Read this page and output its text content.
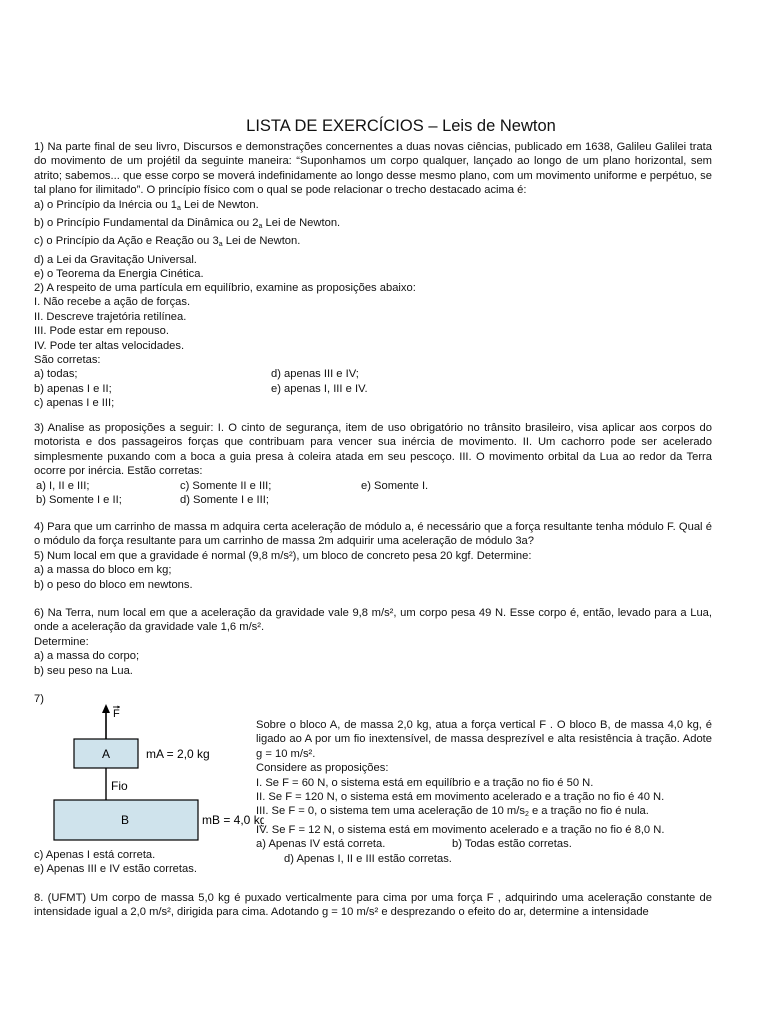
LISTA DE EXERCÍCIOS – Leis de Newton
1) Na parte final de seu livro, Discursos e demonstrações concernentes a duas novas ciências, publicado em 1638, Galileu Galilei trata do movimento de um projétil da seguinte maneira: “Suponhamos um corpo qualquer, lançado ao longo de um plano horizontal, sem atrito; sabemos... que esse corpo se moverá indefinidamente ao longo desse mesmo plano, com um movimento uniforme e perpétuo, se tal plano for ilimitado”. O princípio físico com o qual se pode relacionar o trecho destacado acima é:
a) o Princípio da Inércia ou $1_a$ Lei de Newton.
b) o Princípio Fundamental da Dinâmica ou $2_a$ Lei de Newton.
c) o Princípio da Ação e Reação ou $3_a$ Lei de Newton.
d) a Lei da Gravitação Universal.
e) o Teorema da Energia Cinética.
2) A respeito de uma partícula em equilíbrio, examine as proposições abaixo:
I. Não recebe a ação de forças.
II. Descreve trajetória retilínea.
III. Pode estar em repouso.
IV. Pode ter altas velocidades.
São corretas:
a) todas;	d) apenas III e IV;
b) apenas I e II;	e) apenas I, III e IV.
c) apenas I e III;
3) Analise as proposições a seguir: I. O cinto de segurança, item de uso obrigatório no trânsito brasileiro, visa aplicar aos corpos do motorista e dos passageiros forças que contribuam para vencer sua inércia de movimento. II. Um cachorro pode ser acelerado simplesmente puxando com a boca a guia presa à coleira atada em seu pescoço. III. O movimento orbital da Lua ao redor da Terra ocorre por inércia. Estão corretas:
a) I, II e III;	c) Somente II e III;	e) Somente I.
b) Somente I e II;	d) Somente I e III;
4) Para que um carrinho de massa m adquira certa aceleração de módulo a, é necessário que a força resultante tenha módulo F. Qual é o módulo da força resultante para um carrinho de massa 2m adquirir uma aceleração de módulo 3a?
5) Num local em que a gravidade é normal (9,8 m/s²), um bloco de concreto pesa 20 kgf. Determine:
a) a massa do bloco em kg;
b) o peso do bloco em newtons.
6) Na Terra, num local em que a aceleração da gravidade vale 9,8 m/s², um corpo pesa 49 N. Esse corpo é, então, levado para a Lua, onde a aceleração da gravidade vale 1,6 m/s².
Determine:
a) a massa do corpo;
b) seu peso na Lua.
7)
F
A	mA = 2,0 kg
Fio
B	mB = 4,0 kg
Sobre o bloco A, de massa 2,0 kg, atua a força vertical F . O bloco B, de massa 4,0 kg, é ligado ao A por um fio inextensível, de massa desprezível e alta resistência à tração. Adote g = 10 m/s².
Considere as proposições:
I. Se F = 60 N, o sistema está em equilíbrio e a tração no fio é 50 N.
II. Se F = 120 N, o sistema está em movimento acelerado e a tração no fio é 40 N.
III. Se F = 0, o sistema tem uma aceleração de 10 $m/s_2$ e a tração no fio é nula.
IV. Se F = 12 N, o sistema está em movimento acelerado e a tração no fio é 8,0 N.
a) Apenas IV está correta.	b) Todas estão corretas.
d) Apenas I, II e III estão corretas.
c) Apenas I está correta.
e) Apenas III e IV estão corretas.
8. (UFMT) Um corpo de massa 5,0 kg é puxado verticalmente para cima por uma força F , adquirindo uma aceleração constante de intensidade igual a 2,0 m/s², dirigida para cima. Adotando g = 10 m/s² e desprezando o efeito do ar, determine a intensidade
